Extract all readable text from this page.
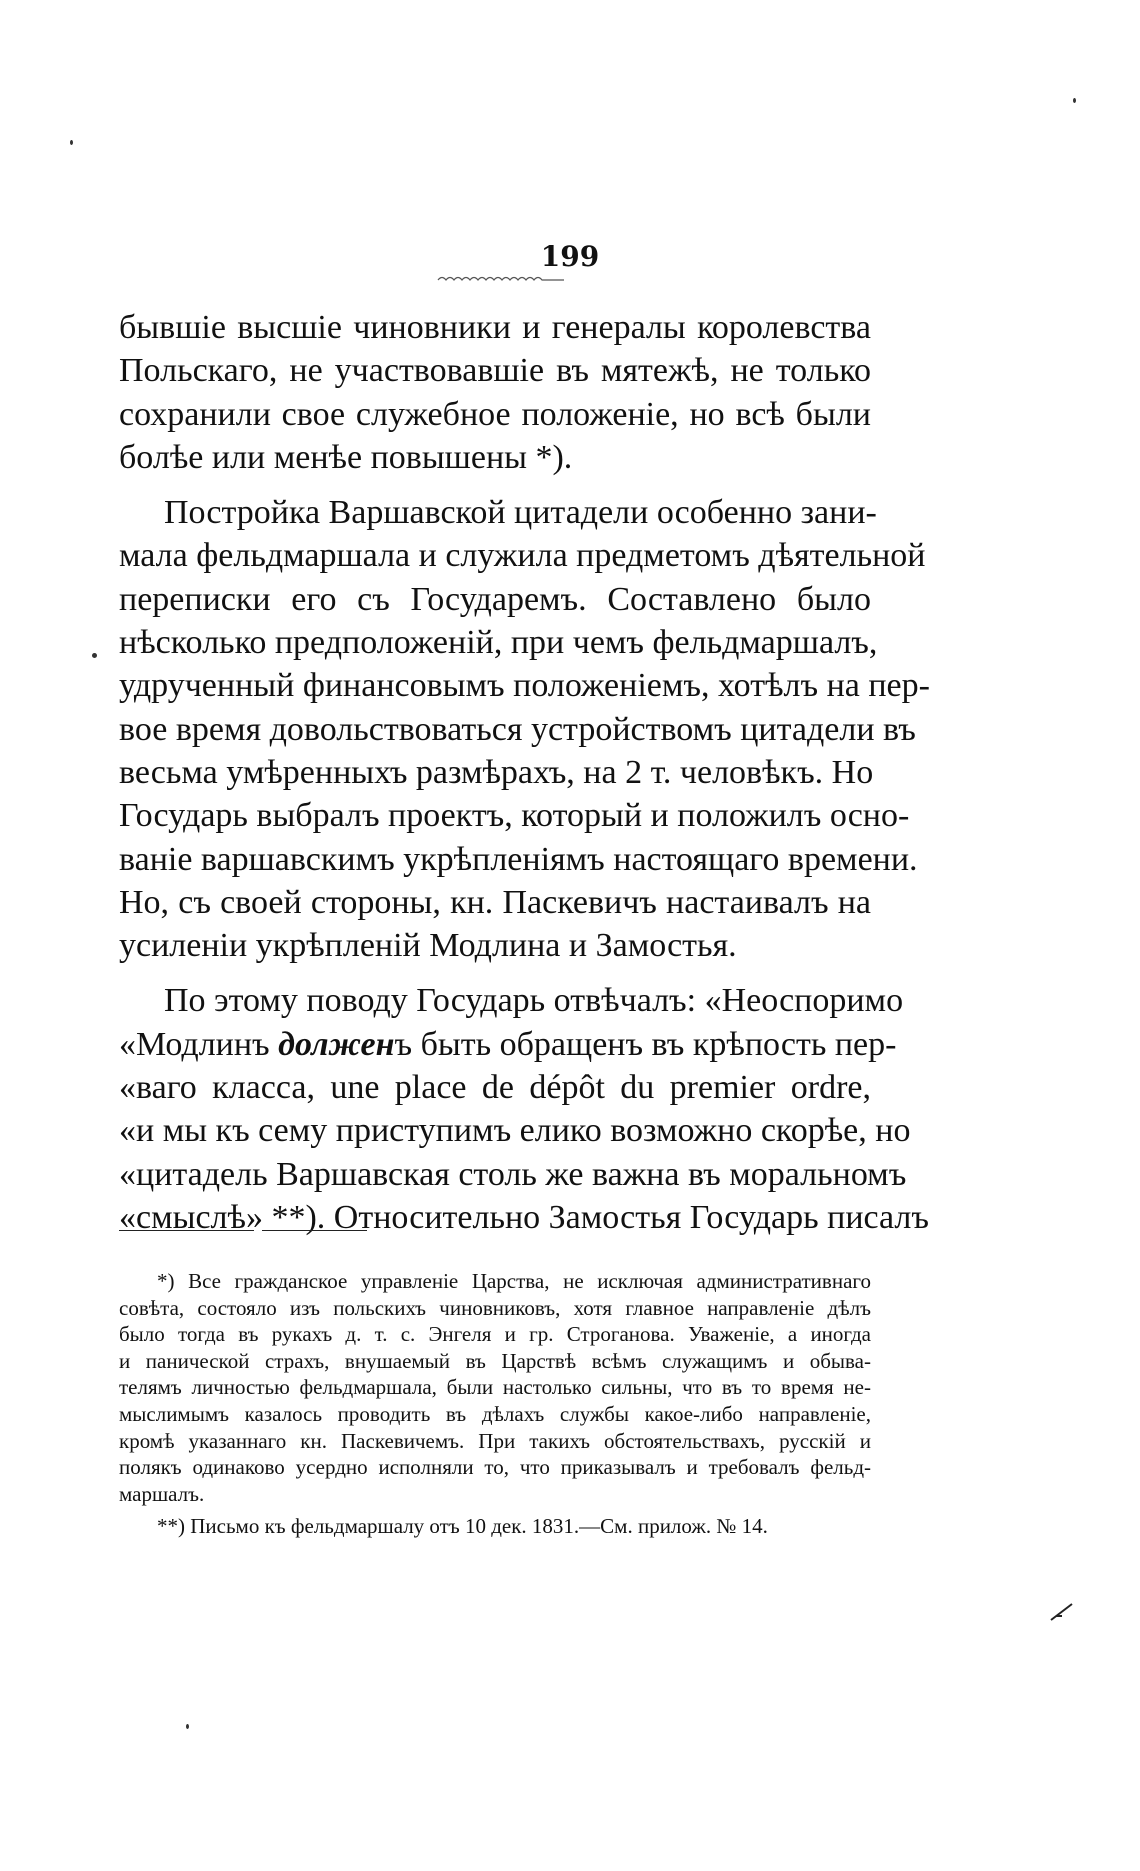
199
бывшіе высшіе чиновники и генералы королевства
Польскаго, не участвовавшіе въ мятежѣ, не только
сохранили свое служебное положеніе, но всѣ были
болѣе или менѣе повышены *).
Постройка Варшавской цитадели особенно зани-
мала фельдмаршала и служила предметомъ дѣятельной
переписки его съ Государемъ. Составлено было
нѣсколько предположеній, при чемъ фельдмаршалъ,
удрученный финансовымъ положеніемъ, хотѣлъ на пер-
вое время довольствоваться устройствомъ цитадели въ
весьма умѣренныхъ размѣрахъ, на 2 т. человѣкъ. Но
Государь выбралъ проектъ, который и положилъ осно-
ваніе варшавскимъ укрѣпленіямъ настоящаго времени.
Но, съ своей стороны, кн. Паскевичъ настаивалъ на
усиленіи укрѣпленій Модлина и Замостья.
По этому поводу Государь отвѣчалъ: «Неоспоримо
«Модлинъ должен ъ быть обращенъ въ крѣпость пер-
«ваго класса, une place de dépôt du premier ordre,
«и мы къ сему приступимъ елико возможно скорѣе, но
«цитадель Варшавская столь же важна въ моральномъ
«смыслѣ» **). Относительно Замостья Государь писалъ
*) Все гражданское управленіе Царства, не исключая административнаго
совѣта, состояло изъ польскихъ чиновниковъ, хотя главное направленіе дѣлъ
было тогда въ рукахъ д. т. с. Энгеля и гр. Строганова. Уваженіе, а иногда
и панической страхъ, внушаемый въ Царствѣ всѣмъ служащимъ и обыва-
телямъ личностью фельдмаршала, были настолько сильны, что въ то время не-
мыслимымъ казалось проводить въ дѣлахъ службы какое-либо направленіе,
кромѣ указаннаго кн. Паскевичемъ. При такихъ обстоятельствахъ, русскій и
полякъ одинаково усердно исполняли то, что приказывалъ и требовалъ фельд-
маршалъ.
**) Письмо къ фельдмаршалу отъ 10 дек. 1831.—См. прилож. № 14.
